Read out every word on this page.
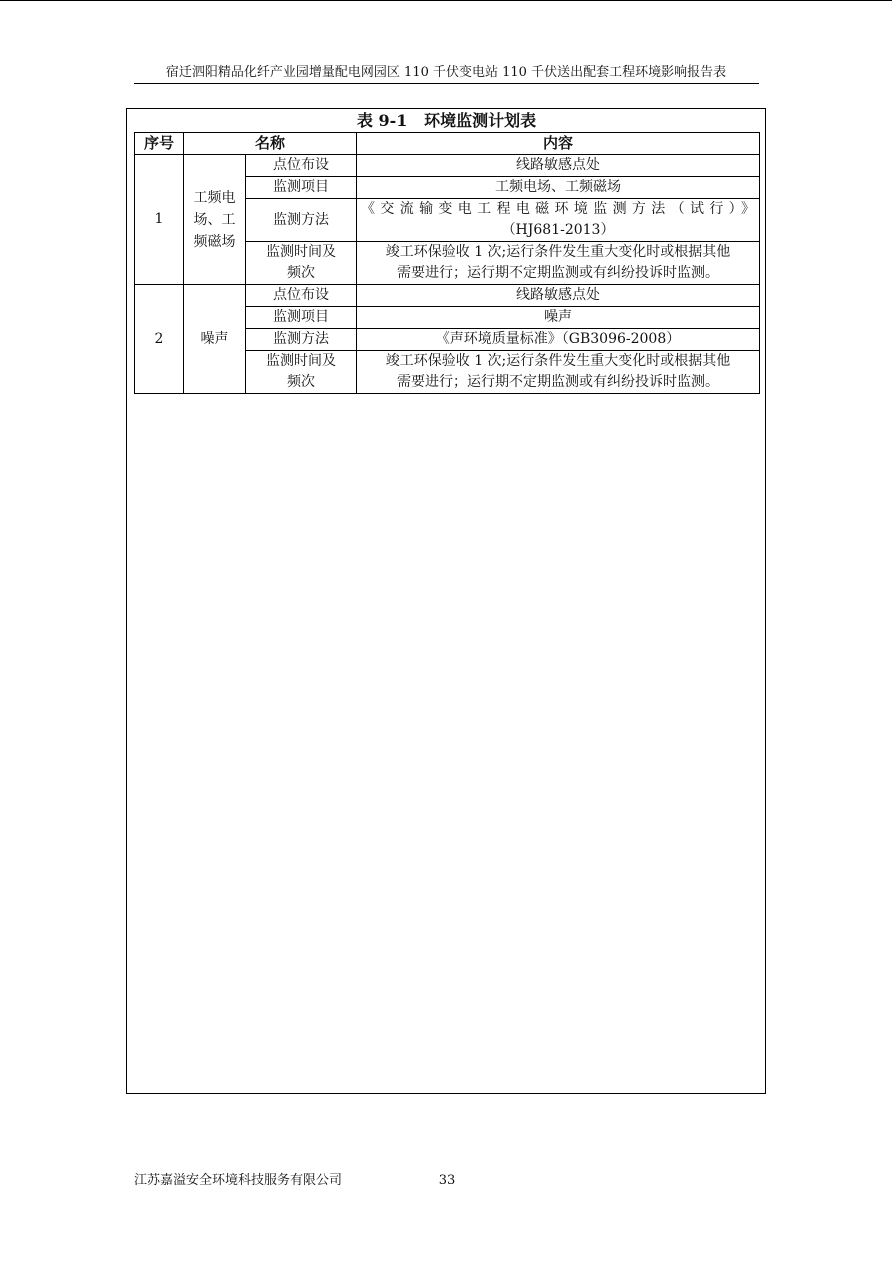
宿迁泗阳精品化纤产业园增量配电网园区 110 千伏变电站 110 千伏送出配套工程环境影响报告表
表 9-1   环境监测计划表
序号	名称		内容
1	工频电场、工频磁场	点位布设	线路敏感点处
		监测项目	工频电场、工频磁场
		监测方法	《交流输变电工程电磁环境监测方法（试行）》
（HJ681-2013）

		监测时间及频次	竣工环保验收 1 次;运行条件发生重大变化时或根据其他
需要进行；运行期不定期监测或有纠纷投诉时监测。

2	噪声	点位布设	线路敏感点处
		监测项目	噪声
		监测方法	《声环境质量标准》（GB3096-2008）
		监测时间及频次	竣工环保验收 1 次;运行条件发生重大变化时或根据其他
需要进行；运行期不定期监测或有纠纷投诉时监测。
江苏嘉溢安全环境科技服务有限公司	33
